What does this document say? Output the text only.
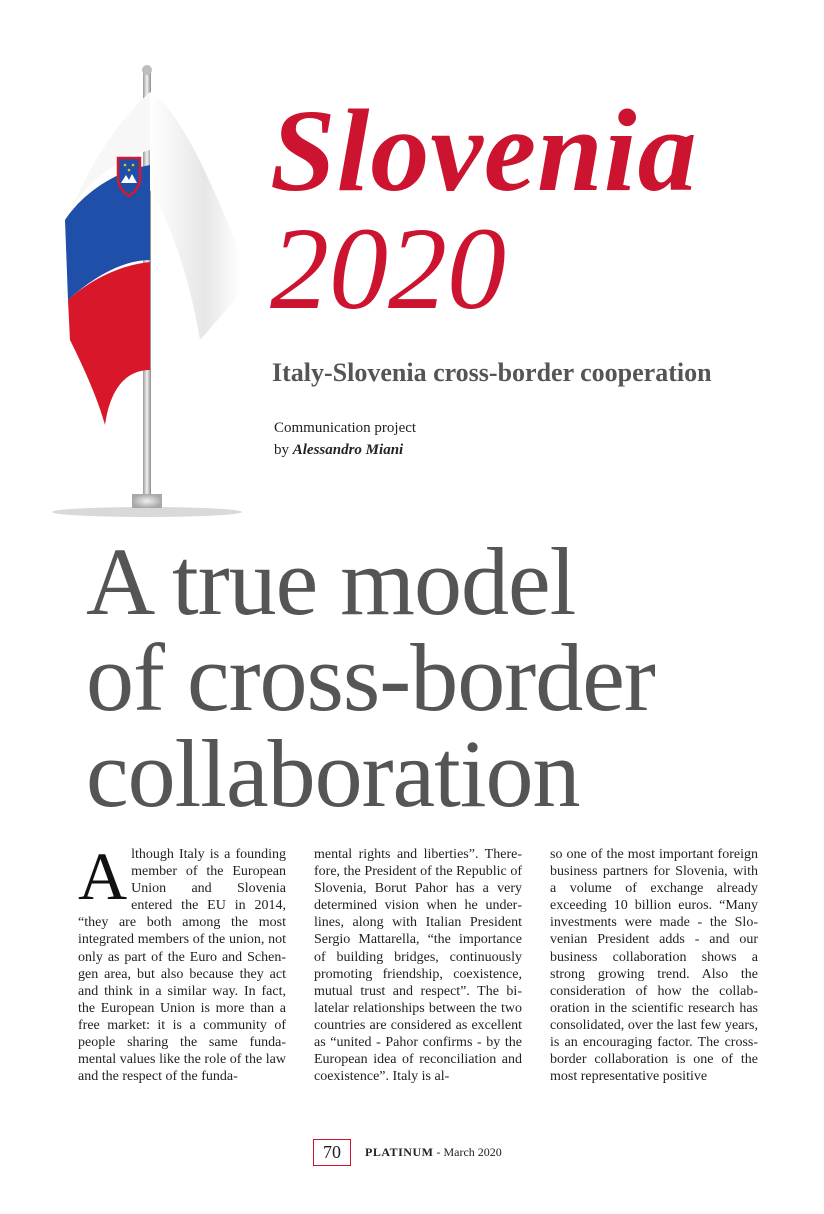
Slovenia
2020
Italy-Slovenia cross-border cooperation
Communication project
by Alessandro Miani
A true model
of cross-border
collaboration
Although Italy is a founding member of the European Union and Slovenia entered the EU in 2014, “they are both among the most integrated members of the union, not only as part of the Euro and Schengen area, but also because they act and think in a similar way. In fact, the European Union is more than a free market: it is a community of people sharing the same fundamental values like the role of the law and the respect of the funda-
mental rights and liberties”. Therefore, the President of the Republic of Slovenia, Borut Pahor has a very determined vision when he underlines, along with Italian President Sergio Mattarella, “the importance of building bridges, continuously promoting friendship, coexistence, mutual trust and respect”. The bilatelar relationships between the two countries are considered as excellent as “united - Pahor confirms - by the European idea of reconciliation and coexistence”. Italy is al-
so one of the most important foreign business partners for Slovenia, with a volume of exchange already exceeding 10 billion euros. “Many investments were made - the Slovenian President adds - and our business collaboration shows a strong growing trend. Also the consideration of how the collaboration in the scientific research has consolidated, over the last few years, is an encouraging factor. The cross-border collaboration is one of the most representative positive
70	PLATINUM - March 2020
